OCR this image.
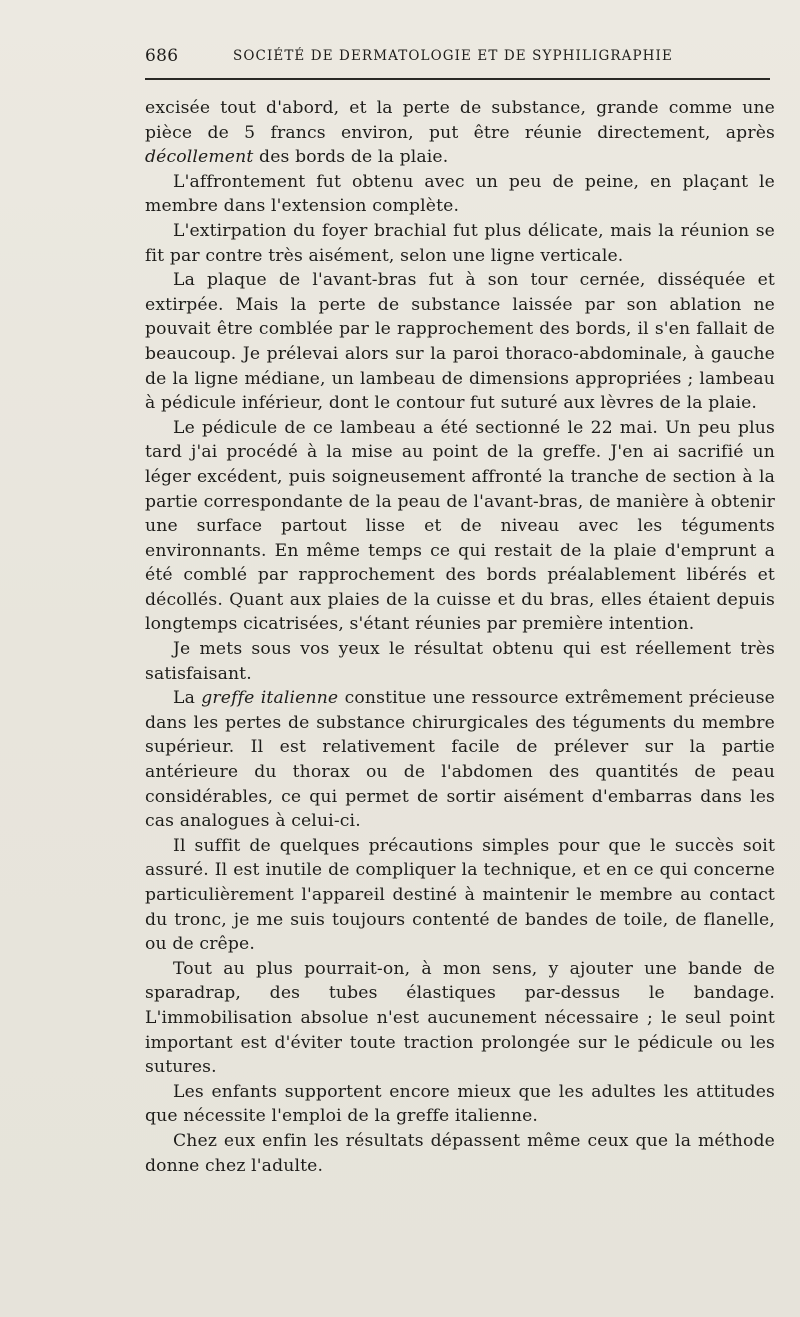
686	SOCIÉTÉ DE DERMATOLOGIE ET DE SYPHILIGRAPHIE

excisée tout d'abord, et la perte de substance, grande comme une pièce de 5 francs environ, put être réunie directement, après décollement des bords de la plaie.

L'affrontement fut obtenu avec un peu de peine, en plaçant le membre dans l'extension complète.

L'extirpation du foyer brachial fut plus délicate, mais la réunion se fit par contre très aisément, selon une ligne verticale.

La plaque de l'avant-bras fut à son tour cernée, disséquée et extirpée. Mais la perte de substance laissée par son ablation ne pouvait être comblée par le rapprochement des bords, il s'en fallait de beaucoup. Je prélevai alors sur la paroi thoraco-abdominale, à gauche de la ligne médiane, un lambeau de dimensions appropriées ; lambeau à pédicule inférieur, dont le contour fut suturé aux lèvres de la plaie.

Le pédicule de ce lambeau a été sectionné le 22 mai. Un peu plus tard j'ai procédé à la mise au point de la greffe. J'en ai sacrifié un léger excédent, puis soigneusement affronté la tranche de section à la partie correspondante de la peau de l'avant-bras, de manière à obtenir une surface partout lisse et de niveau avec les téguments environnants. En même temps ce qui restait de la plaie d'emprunt a été comblé par rapprochement des bords préalablement libérés et décollés. Quant aux plaies de la cuisse et du bras, elles étaient depuis longtemps cicatrisées, s'étant réunies par première intention.

Je mets sous vos yeux le résultat obtenu qui est réellement très satisfaisant.

La greffe italienne constitue une ressource extrêmement précieuse dans les pertes de substance chirurgicales des téguments du membre supérieur. Il est relativement facile de prélever sur la partie antérieure du thorax ou de l'abdomen des quantités de peau considérables, ce qui permet de sortir aisément d'embarras dans les cas analogues à celui-ci.

Il suffit de quelques précautions simples pour que le succès soit assuré. Il est inutile de compliquer la technique, et en ce qui concerne particulièrement l'appareil destiné à maintenir le membre au contact du tronc, je me suis toujours contenté de bandes de toile, de flanelle, ou de crêpe.

Tout au plus pourrait-on, à mon sens, y ajouter une bande de sparadrap, des tubes élastiques par-dessus le bandage. L'immobilisation absolue n'est aucunement nécessaire ; le seul point important est d'éviter toute traction prolongée sur le pédicule ou les sutures.

Les enfants supportent encore mieux que les adultes les attitudes que nécessite l'emploi de la greffe italienne.

Chez eux enfin les résultats dépassent même ceux que la méthode donne chez l'adulte.
